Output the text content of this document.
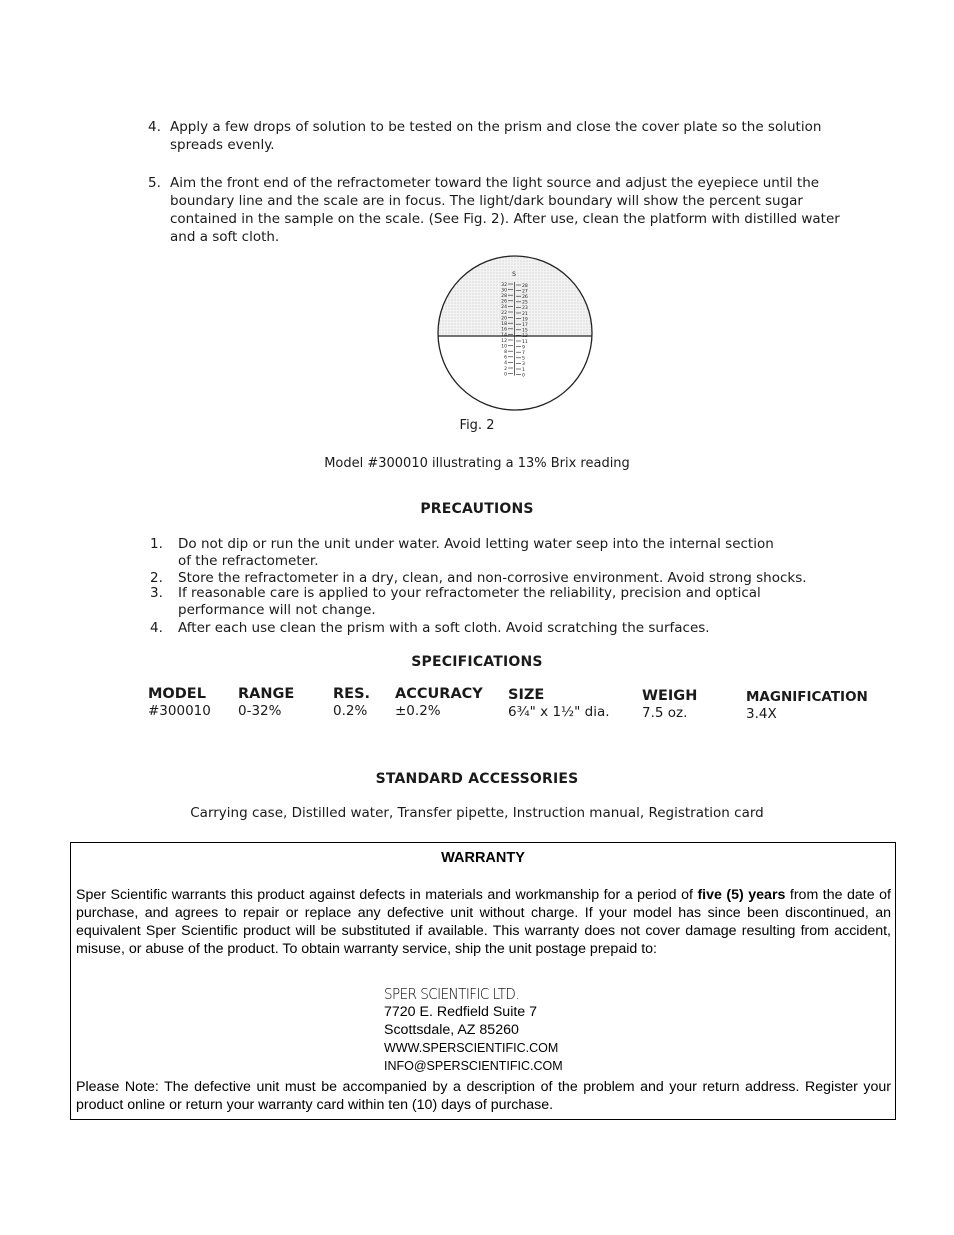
4. Apply a few drops of solution to be tested on the prism and close the cover plate so the solution spreads evenly.
5. Aim the front end of the refractometer toward the light source and adjust the eyepiece until the boundary line and the scale are in focus. The light/dark boundary will show the percent sugar contained in the sample on the scale. (See Fig. 2). After use, clean the platform with distilled water and a soft cloth.
S
32
30
28
26
24
22
20
18
16
14
12
10
8
6
4
2
0
28
27
26
25
23
21
19
17
15
13
11
9
7
5
3
1
0
Fig. 2
Model #300010 illustrating a 13% Brix reading
PRECAUTIONS
1. Do not dip or run the unit under water. Avoid letting water seep into the internal section of the refractometer.
2. Store the refractometer in a dry, clean, and non-corrosive environment. Avoid strong shocks.
3. If reasonable care is applied to your refractometer the reliability, precision and optical performance will not change.
4. After each use clean the prism with a soft cloth. Avoid scratching the surfaces.
SPECIFICATIONS
MODEL
#300010
RANGE
0-32%
RES.
0.2%
ACCURACY
±0.2%
SIZE
6¾" x 1½" dia.
WEIGH
7.5 oz.
MAGNIFICATION
3.4X
STANDARD ACCESSORIES
Carrying case, Distilled water, Transfer pipette, Instruction manual, Registration card
WARRANTY
Sper Scientific warrants this product against defects in materials and workmanship for a period of five (5) years from the date of purchase, and agrees to repair or replace any defective unit without charge. If your model has since been discontinued, an equivalent Sper Scientific product will be substituted if available. This warranty does not cover damage resulting from accident, misuse, or abuse of the product. To obtain warranty service, ship the unit postage prepaid to:
SPER SCIENTIFIC LTD.
7720 E. Redfield Suite 7
Scottsdale, AZ 85260
WWW.SPERSCIENTIFIC.COM
INFO@SPERSCIENTIFIC.COM
Please Note: The defective unit must be accompanied by a description of the problem and your return address. Register your product online or return your warranty card within ten (10) days of purchase.
